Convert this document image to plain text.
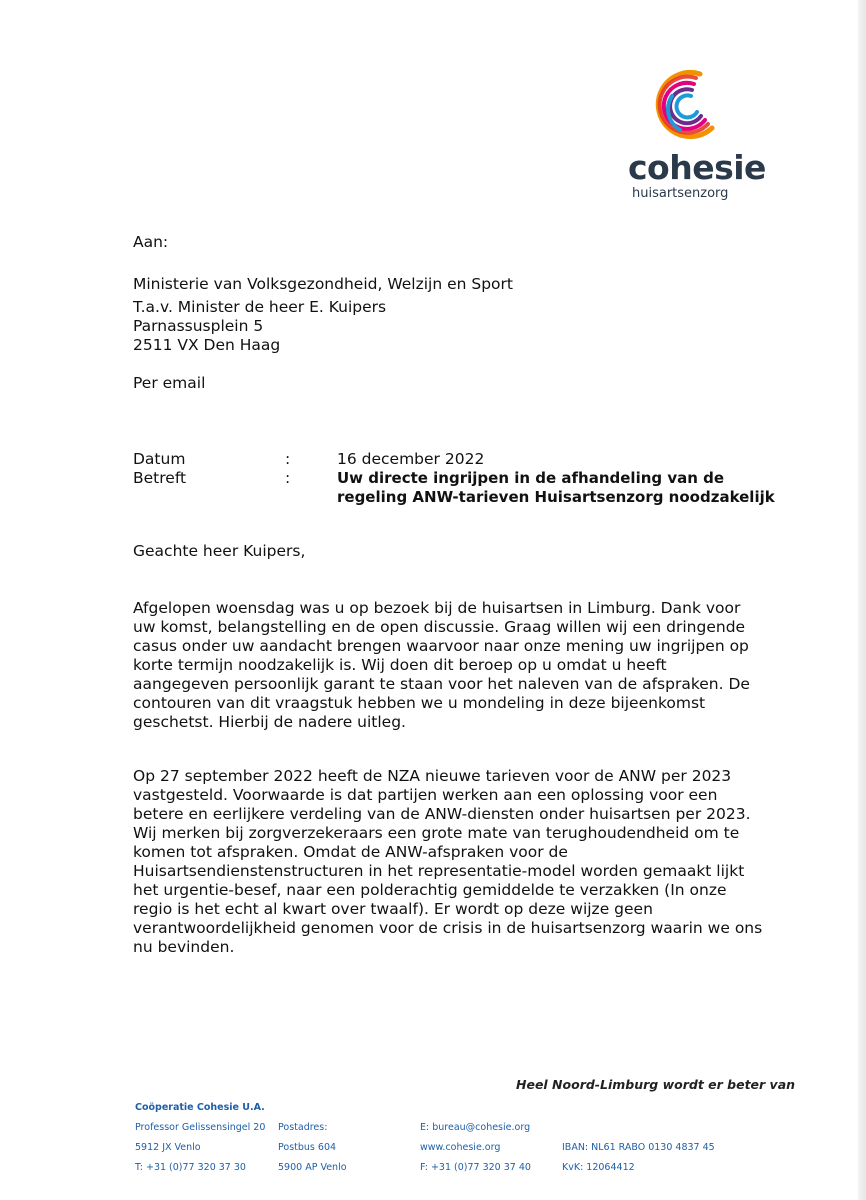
cohesie
huisartsenzorg
Aan:
Ministerie van Volksgezondheid, Welzijn en Sport
T.a.v. Minister de heer E. Kuipers
Parnassusplein 5
2511 VX Den Haag
Per email
Datum	:	16 december 2022
Betreft	:	Uw directe ingrijpen in de afhandeling van de
regeling ANW-tarieven Huisartsenzorg noodzakelijk
Geachte heer Kuipers,
Afgelopen woensdag was u op bezoek bij de huisartsen in Limburg. Dank voor
uw komst, belangstelling en de open discussie. Graag willen wij een dringende
casus onder uw aandacht brengen waarvoor naar onze mening uw ingrijpen op
korte termijn noodzakelijk is. Wij doen dit beroep op u omdat u heeft
aangegeven persoonlijk garant te staan voor het naleven van de afspraken. De
contouren van dit vraagstuk hebben we u mondeling in deze bijeenkomst
geschetst. Hierbij de nadere uitleg.
Op 27 september 2022 heeft de NZA nieuwe tarieven voor de ANW per 2023
vastgesteld. Voorwaarde is dat partijen werken aan een oplossing voor een
betere en eerlijkere verdeling van de ANW-diensten onder huisartsen per 2023.
Wij merken bij zorgverzekeraars een grote mate van terughoudendheid om te
komen tot afspraken. Omdat de ANW-afspraken voor de
Huisartsendienstenstructuren in het representatie-model worden gemaakt lijkt
het urgentie-besef, naar een polderachtig gemiddelde te verzakken (In onze
regio is het echt al kwart over twaalf). Er wordt op deze wijze geen
verantwoordelijkheid genomen voor de crisis in de huisartsenzorg waarin we ons
nu bevinden.
Heel Noord-Limburg wordt er beter van
Coöperatie Cohesie U.A.
Professor Gelissensingel 20
5912 JX Venlo
T: +31 (0)77 320 37 30
Postadres:
Postbus 604
5900 AP Venlo
E: bureau@cohesie.org
www.cohesie.org
F: +31 (0)77 320 37 40
IBAN: NL61 RABO 0130 4837 45
KvK: 12064412
